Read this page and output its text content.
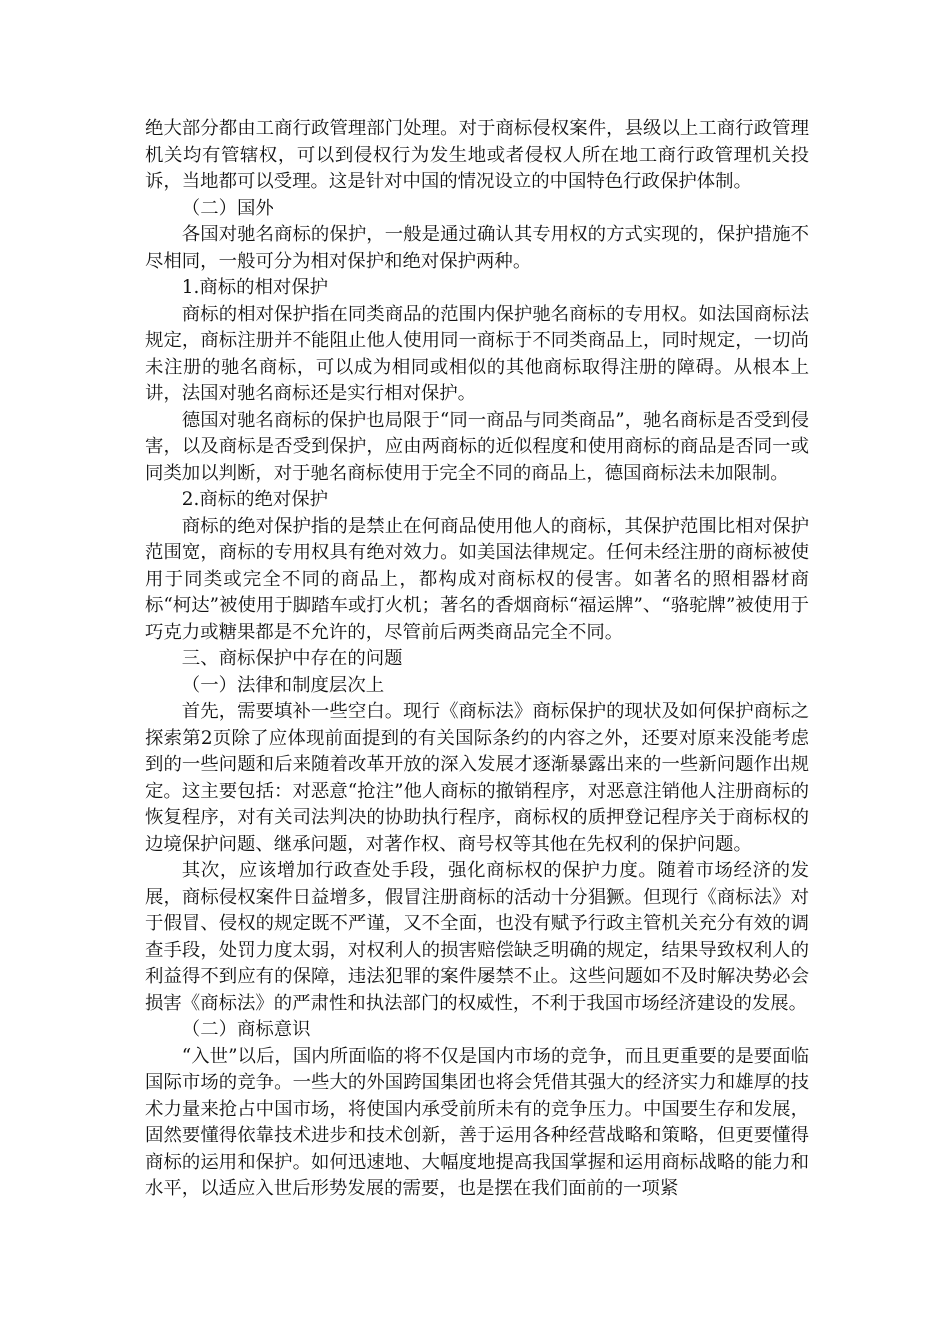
绝大部分都由工商行政管理部门处理。对于商标侵权案件，县级以上工商行政管理机关均有管辖权，可以到侵权行为发生地或者侵权人所在地工商行政管理机关投诉，当地都可以受理。这是针对中国的情况设立的中国特色行政保护体制。

（二）国外

各国对驰名商标的保护，一般是通过确认其专用权的方式实现的，保护措施不尽相同，一般可分为相对保护和绝对保护两种。

1.商标的相对保护

商标的相对保护指在同类商品的范围内保护驰名商标的专用权。如法国商标法规定，商标注册并不能阻止他人使用同一商标于不同类商品上，同时规定，一切尚未注册的驰名商标，可以成为相同或相似的其他商标取得注册的障碍。从根本上讲，法国对驰名商标还是实行相对保护。

德国对驰名商标的保护也局限于“同一商品与同类商品”，驰名商标是否受到侵害，以及商标是否受到保护，应由两商标的近似程度和使用商标的商品是否同一或同类加以判断，对于驰名商标使用于完全不同的商品上，德国商标法未加限制。

2.商标的绝对保护

商标的绝对保护指的是禁止在何商品使用他人的商标，其保护范围比相对保护范围宽，商标的专用权具有绝对效力。如美国法律规定。任何未经注册的商标被使用于同类或完全不同的商品上，都构成对商标权的侵害。如著名的照相器材商标“柯达”被使用于脚踏车或打火机；著名的香烟商标“福运牌”、“骆驼牌”被使用于巧克力或糖果都是不允许的，尽管前后两类商品完全不同。

三、商标保护中存在的问题

（一）法律和制度层次上

首先，需要填补一些空白。现行《商标法》商标保护的现状及如何保护商标之探索第2页除了应体现前面提到的有关国际条约的内容之外，还要对原来没能考虑到的一些问题和后来随着改革开放的深入发展才逐渐暴露出来的一些新问题作出规定。这主要包括：对恶意“抢注”他人商标的撤销程序，对恶意注销他人注册商标的恢复程序，对有关司法判决的协助执行程序，商标权的质押登记程序关于商标权的边境保护问题、继承问题，对著作权、商号权等其他在先权利的保护问题。

其次，应该增加行政查处手段，强化商标权的保护力度。随着市场经济的发展，商标侵权案件日益增多，假冒注册商标的活动十分猖獗。但现行《商标法》对于假冒、侵权的规定既不严谨，又不全面，也没有赋予行政主管机关充分有效的调查手段，处罚力度太弱，对权利人的损害赔偿缺乏明确的规定，结果导致权利人的利益得不到应有的保障，违法犯罪的案件屡禁不止。这些问题如不及时解决势必会损害《商标法》的严肃性和执法部门的权威性，不利于我国市场经济建设的发展。

（二）商标意识

“入世”以后，国内所面临的将不仅是国内市场的竞争，而且更重要的是要面临国际市场的竞争。一些大的外国跨国集团也将会凭借其强大的经济实力和雄厚的技术力量来抢占中国市场，将使国内承受前所未有的竞争压力。中国要生存和发展，固然要懂得依靠技术进步和技术创新，善于运用各种经营战略和策略，但更要懂得商标的运用和保护。如何迅速地、大幅度地提高我国掌握和运用商标战略的能力和水平，以适应入世后形势发展的需要，也是摆在我们面前的一项紧
